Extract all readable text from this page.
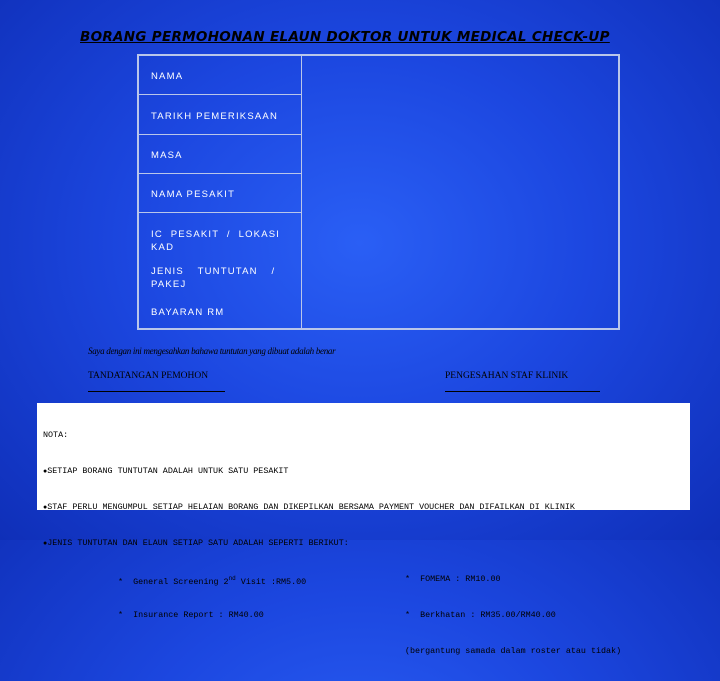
BORANG PERMOHONAN ELAUN DOKTOR UNTUK MEDICAL CHECK-UP
NAMA
TARIKH PEMERIKSAAN
MASA
NAMA PESAKIT
IC PESAKIT / LOKASI KAD
JENIS TUNTUTAN / PAKEJ
BAYARAN RM
Saya dengan ini mengesahkan bahawa tuntutan yang dibuat adalah benar
TANDATANGAN PEMOHON	PENGESAHAN STAF KLINIK

NOTA:

●SETIAP BORANG TUNTUTAN ADALAH UNTUK SATU PESAKIT

●STAF PERLU MENGUMPUL SETIAP HELAIAN BORANG DAN DIKEPILKAN BERSAMA PAYMENT VOUCHER DAN DIFAILKAN DI KLINIK

●JENIS TUNTUTAN DAN ELAUN SETIAP SATU ADALAH SEPERTI BERIKUT:

*  General Screening 2nd Visit :RM5.00

	*  FOMEMA : RM10.00

*  Insurance Report : RM40.00

	*  Berkhatan : RM35.00/RM40.00

(bergantung samada dalam roster atau tidak)
